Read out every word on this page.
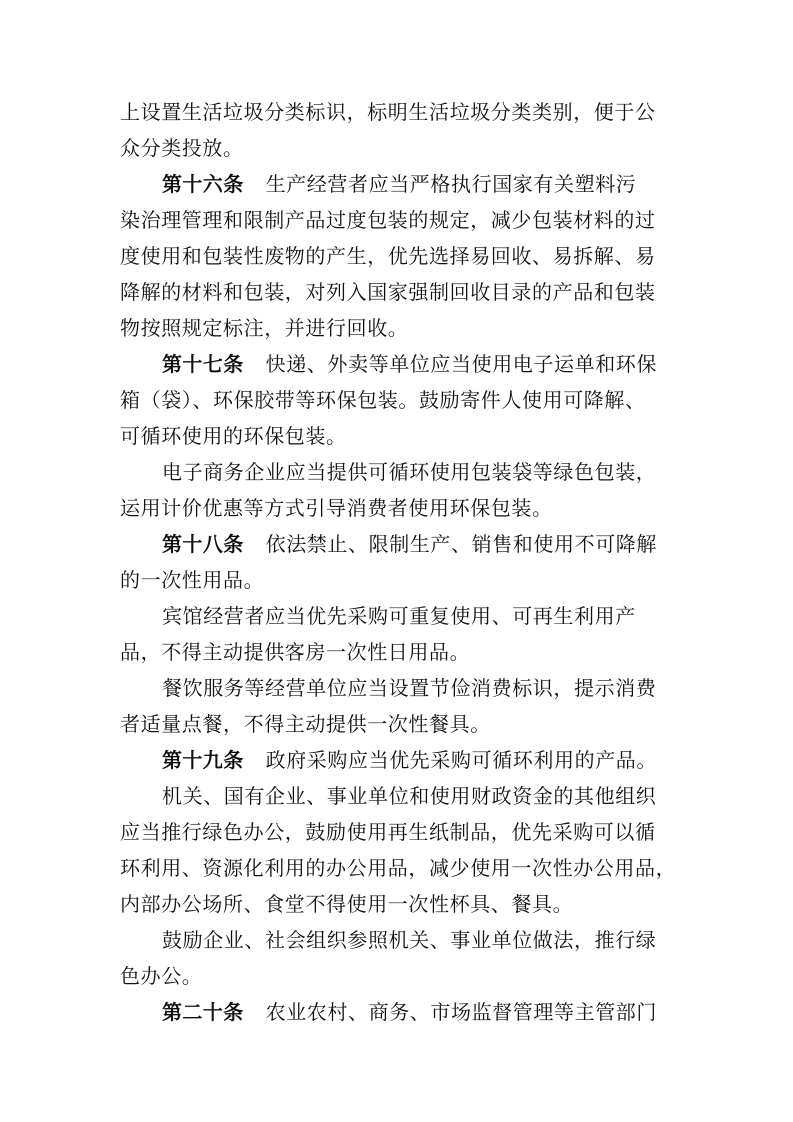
上设置生活垃圾分类标识，标明生活垃圾分类类别，便于公
众分类投放。
第十六条 生产经营者应当严格执行国家有关塑料污
染治理管理和限制产品过度包装的规定，减少包装材料的过
度使用和包装性废物的产生，优先选择易回收、易拆解、易
降解的材料和包装，对列入国家强制回收目录的产品和包装
物按照规定标注，并进行回收。
第十七条 快递、外卖等单位应当使用电子运单和环保
箱（袋）、环保胶带等环保包装。鼓励寄件人使用可降解、
可循环使用的环保包装。
电子商务企业应当提供可循环使用包装袋等绿色包装，
运用计价优惠等方式引导消费者使用环保包装。
第十八条 依法禁止、限制生产、销售和使用不可降解
的一次性用品。
宾馆经营者应当优先采购可重复使用、可再生利用产
品，不得主动提供客房一次性日用品。
餐饮服务等经营单位应当设置节俭消费标识，提示消费
者适量点餐，不得主动提供一次性餐具。
第十九条 政府采购应当优先采购可循环利用的产品。
机关、国有企业、事业单位和使用财政资金的其他组织
应当推行绿色办公，鼓励使用再生纸制品，优先采购可以循
环利用、资源化利用的办公用品，减少使用一次性办公用品，
内部办公场所、食堂不得使用一次性杯具、餐具。
鼓励企业、社会组织参照机关、事业单位做法，推行绿
色办公。
第二十条 农业农村、商务、市场监督管理等主管部门
